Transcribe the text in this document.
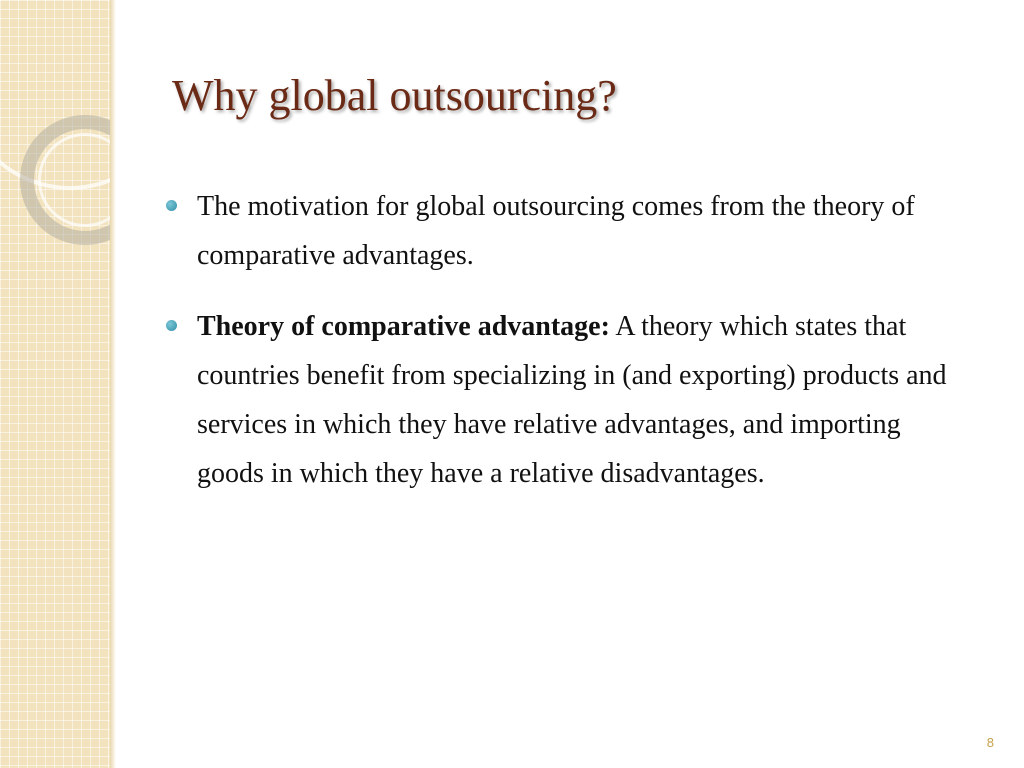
Why global outsourcing?

The motivation for global outsourcing comes from the theory of comparative advantages.

Theory of comparative advantage: A theory which states that countries benefit from specializing in (and exporting) products and services in which they have relative advantages, and importing goods in which they have a relative disadvantages.

8
